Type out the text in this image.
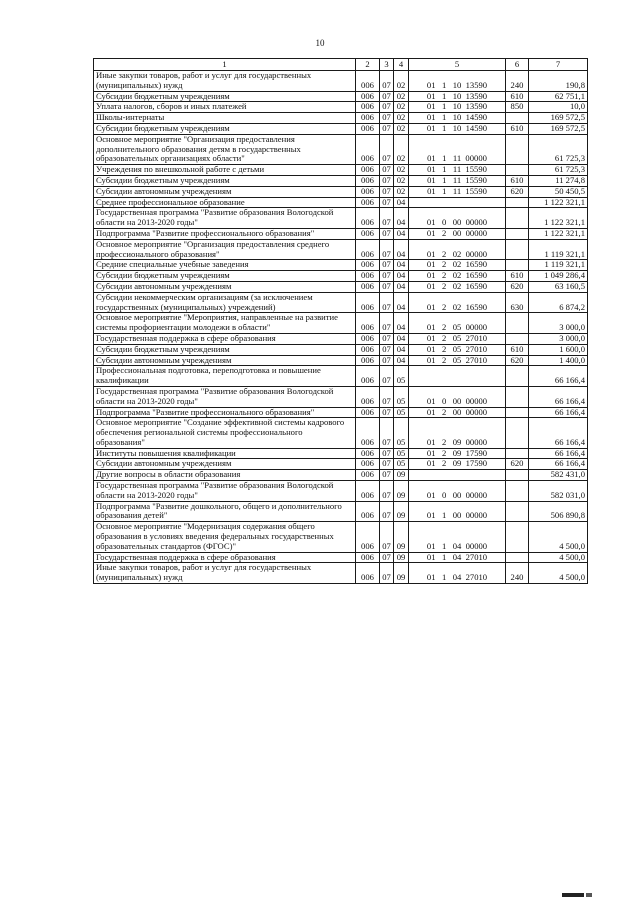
10
1	2	3	4	5	6	7
Иные закупки товаров, работ и услуг для государственных (муниципальных) нужд	006	07	02	01   1   10  13590	240	190,8
Субсидии бюджетным учреждениям	006	07	02	01   1   10  13590	610	62 751,1
Уплата налогов, сборов и иных платежей	006	07	02	01   1   10  13590	850	10,0
Школы-интернаты	006	07	02	01   1   10  14590		169 572,5
Субсидии бюджетным учреждениям	006	07	02	01   1   10  14590	610	169 572,5
Основное мероприятие "Организация предоставления дополнительного образования детям в государственных образовательных организациях области"	006	07	02	01   1   11  00000		61 725,3
Учреждения по внешкольной работе с детьми	006	07	02	01   1   11  15590		61 725,3
Субсидии бюджетным учреждениям	006	07	02	01   1   11  15590	610	11 274,8
Субсидии автономным учреждениям	006	07	02	01   1   11  15590	620	50 450,5
Среднее профессиональное образование	006	07	04			1 122 321,1
Государственная программа "Развитие образования Вологодской области на 2013-2020 годы"	006	07	04	01   0   00  00000		1 122 321,1
Подпрограмма "Развитие профессионального образования"	006	07	04	01   2   00  00000		1 122 321,1
Основное мероприятие "Организация предоставления среднего профессионального образования"	006	07	04	01   2   02  00000		1 119 321,1
Средние специальные учебные заведения	006	07	04	01   2   02  16590		1 119 321,1
Субсидии бюджетным учреждениям	006	07	04	01   2   02  16590	610	1 049 286,4
Субсидии автономным учреждениям	006	07	04	01   2   02  16590	620	63 160,5
Субсидии некоммерческим организациям (за исключением государственных (муниципальных) учреждений)	006	07	04	01   2   02  16590	630	6 874,2
Основное мероприятие "Мероприятия, направленные на развитие системы профориентации молодежи в области"	006	07	04	01   2   05  00000		3 000,0
Государственная поддержка в сфере образования	006	07	04	01   2   05  27010		3 000,0
Субсидии бюджетным учреждениям	006	07	04	01   2   05  27010	610	1 600,0
Субсидии автономным учреждениям	006	07	04	01   2   05  27010	620	1 400,0
Профессиональная подготовка, переподготовка и повышение квалификации	006	07	05			66 166,4
Государственная программа "Развитие образования Вологодской области на 2013-2020 годы"	006	07	05	01   0   00  00000		66 166,4
Подпрограмма "Развитие профессионального образования"	006	07	05	01   2   00  00000		66 166,4
Основное мероприятие "Создание эффективной системы кадрового обеспечения региональной системы профессионального образования"	006	07	05	01   2   09  00000		66 166,4
Институты повышения квалификации	006	07	05	01   2   09  17590		66 166,4
Субсидии автономным учреждениям	006	07	05	01   2   09  17590	620	66 166,4
Другие вопросы в области образования	006	07	09			582 431,0
Государственная программа "Развитие образования Вологодской области на 2013-2020 годы"	006	07	09	01   0   00  00000		582 031,0
Подпрограмма "Развитие дошкольного, общего и дополнительного образования детей"	006	07	09	01   1   00  00000		506 890,8
Основное мероприятие "Модернизация содержания общего образования в условиях введения федеральных государственных образовательных стандартов (ФГОС)"	006	07	09	01   1   04  00000		4 500,0
Государственная поддержка в сфере образования	006	07	09	01   1   04  27010		4 500,0
Иные закупки товаров, работ и услуг для государственных (муниципальных) нужд	006	07	09	01   1   04  27010	240	4 500,0
